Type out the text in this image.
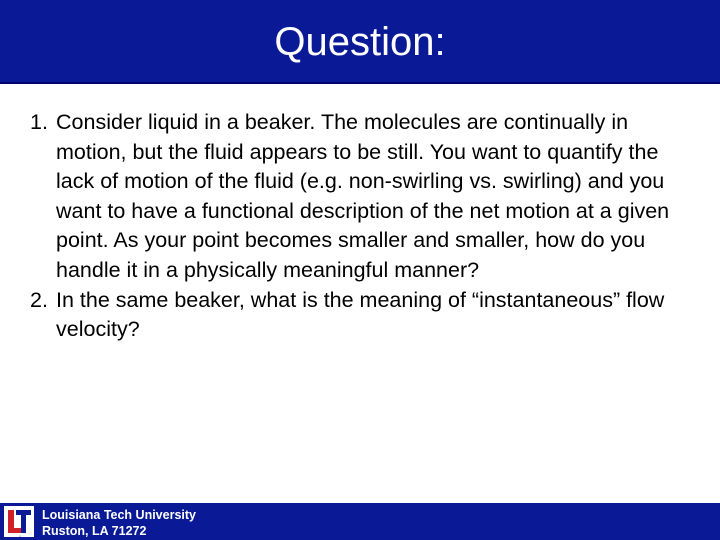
Question:
1. Consider liquid in a beaker. The molecules are continually in motion, but the fluid appears to be still. You want to quantify the lack of motion of the fluid (e.g. non-swirling vs. swirling) and you want to have a functional description of the net motion at a given point. As your point becomes smaller and smaller, how do you handle it in a physically meaningful manner?
2. In the same beaker, what is the meaning of “instantaneous” flow velocity?
LT
Louisiana Tech University
Ruston, LA 71272
